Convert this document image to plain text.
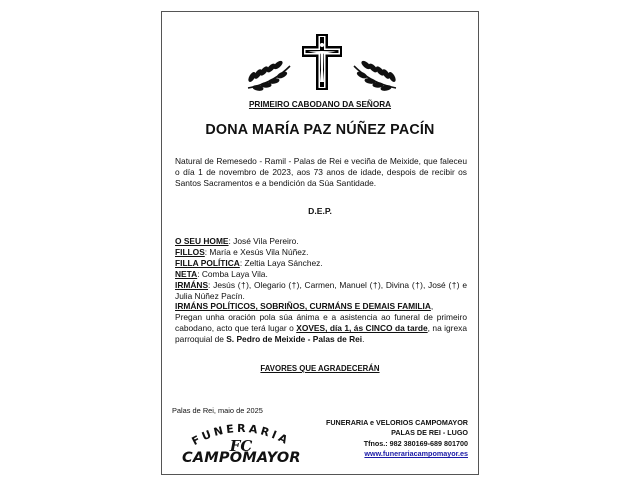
PRIMEIRO CABODANO DA SEÑORA
DONA MARÍA PAZ NÚÑEZ PACÍN
Natural de Remesedo - Ramil - Palas de Rei e veciña de Meixide, que faleceu o día 1 de novembro de 2023, aos 73 anos de idade, despois de recibir os Santos Sacramentos e a bendición da Súa Santidade.
D.E.P.

O SEU HOME: José Vila Pereiro.

FILLOS: María e Xesús Vila Núñez.

FILLA POLÍTICA: Zeltia Laya Sánchez.

NETA: Comba Laya Vila.

IRMÁNS: Jesús (†), Olegario (†), Carmen, Manuel (†), Divina (†), José (†) e Julia Núñez Pacín.

IRMÁNS POLÍTICOS, SOBRIÑOS, CURMÁNS E DEMAIS FAMILIA,

Pregan unha oración pola súa ánima e a asistencia ao funeral de primeiro cabodano, acto que terá lugar o XOVES, día 1, ás CINCO da tarde, na igrexa parroquial de S. Pedro de Meixide - Palas de Rei.

FAVORES QUE AGRADECERÁN
Palas de Rei, maio de 2025
FUNERARIA
FC
CAMPOMAYOR
FUNERARIA e VELORIOS CAMPOMAYOR
PALAS DE REI - LUGO
Tfnos.: 982 380169-689 801700
www.funerariacampomayor.es
